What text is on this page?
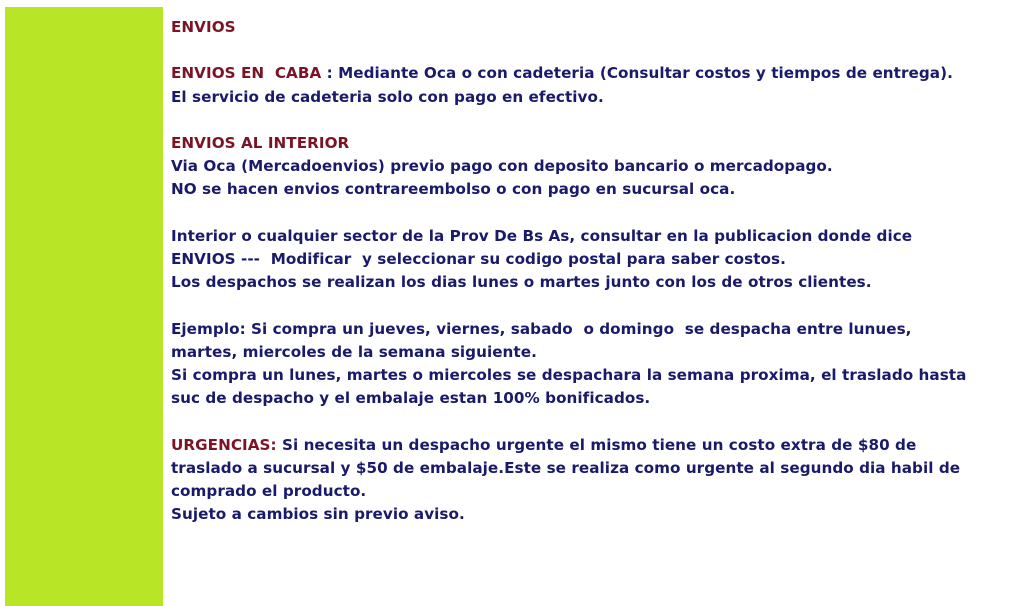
ENVIOS
ENVIOS EN  CABA : Mediante Oca o con cadeteria (Consultar costos y tiempos de entrega).
El servicio de cadeteria solo con pago en efectivo.
ENVIOS AL INTERIOR
Via Oca (Mercadoenvios) previo pago con deposito bancario o mercadopago.
NO se hacen envios contrareembolso o con pago en sucursal oca.
Interior o cualquier sector de la Prov De Bs As, consultar en la publicacion donde dice
ENVIOS ---  Modificar  y seleccionar su codigo postal para saber costos.
Los despachos se realizan los dias lunes o martes junto con los de otros clientes.
Ejemplo: Si compra un jueves, viernes, sabado  o domingo  se despacha entre lunues,
martes, miercoles de la semana siguiente.
Si compra un lunes, martes o miercoles se despachara la semana proxima, el traslado hasta
suc de despacho y el embalaje estan 100% bonificados.
URGENCIAS: Si necesita un despacho urgente el mismo tiene un costo extra de $80 de
traslado a sucursal y $50 de embalaje.Este se realiza como urgente al segundo dia habil de
comprado el producto.
Sujeto a cambios sin previo aviso.
